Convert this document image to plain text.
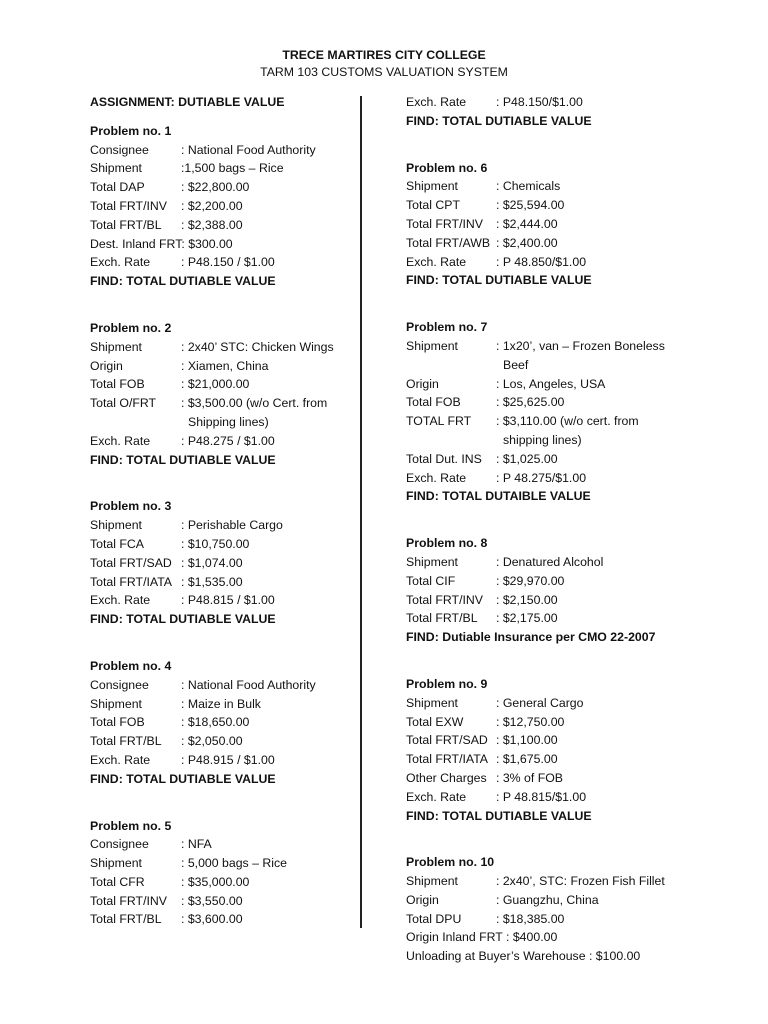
TRECE MARTIRES CITY COLLEGE
TARM 103 CUSTOMS VALUATION SYSTEM
ASSIGNMENT: DUTIABLE VALUE
Problem no. 1
Consignee	: National Food Authority
Shipment	:1,500 bags – Rice
Total DAP	: $22,800.00
Total FRT/INV	: $2,200.00
Total FRT/BL	: $2,388.00
Dest. Inland FRT: $300.00
Exch. Rate	: P48.150 / $1.00
FIND: TOTAL DUTIABLE VALUE
Problem no. 2
Shipment	: 2x40’ STC: Chicken Wings
Origin	: Xiamen, China
Total FOB	: $21,000.00
Total O/FRT	: $3,500.00 (w/o Cert. from
Shipping lines)
Exch. Rate	: P48.275 / $1.00
FIND: TOTAL DUTIABLE VALUE
Problem no. 3
Shipment	: Perishable Cargo
Total FCA	: $10,750.00
Total FRT/SAD : $1,074.00
Total FRT/IATA : $1,535.00
Exch. Rate	: P48.815 / $1.00
FIND: TOTAL DUTIABLE VALUE
Problem no. 4
Consignee	: National Food Authority
Shipment	: Maize in Bulk
Total FOB	: $18,650.00
Total FRT/BL	: $2,050.00
Exch. Rate	: P48.915 / $1.00
FIND: TOTAL DUTIABLE VALUE
Problem no. 5
Consignee	: NFA
Shipment	: 5,000 bags – Rice
Total CFR	: $35,000.00
Total FRT/INV	: $3,550.00
Total FRT/BL	: $3,600.00
Exch. Rate	: P48.150/$1.00
FIND: TOTAL DUTIABLE VALUE
Problem no. 6
Shipment	: Chemicals
Total CPT	: $25,594.00
Total FRT/INV	: $2,444.00
Total FRT/AWB : $2,400.00
Exch. Rate	: P 48.850/$1.00
FIND: TOTAL DUTIABLE VALUE
Problem no. 7
Shipment	: 1x20’, van – Frozen Boneless
Beef
Origin	: Los, Angeles, USA
Total FOB	: $25,625.00
TOTAL FRT	: $3,110.00 (w/o cert. from
shipping lines)
Total Dut. INS	: $1,025.00
Exch. Rate	: P 48.275/$1.00
FIND: TOTAL DUTAIBLE VALUE
Problem no. 8
Shipment	: Denatured Alcohol
Total CIF	: $29,970.00
Total FRT/INV	: $2,150.00
Total FRT/BL	: $2,175.00
FIND: Dutiable Insurance per CMO 22-2007
Problem no. 9
Shipment	: General Cargo
Total EXW	: $12,750.00
Total FRT/SAD : $1,100.00
Total FRT/IATA : $1,675.00
Other Charges : 3% of FOB
Exch. Rate	: P 48.815/$1.00
FIND: TOTAL DUTIABLE VALUE
Problem no. 10
Shipment	: 2x40’, STC: Frozen Fish Fillet
Origin	: Guangzhu, China
Total DPU	: $18,385.00
Origin Inland FRT : $400.00
Unloading at Buyer’s Warehouse : $100.00
